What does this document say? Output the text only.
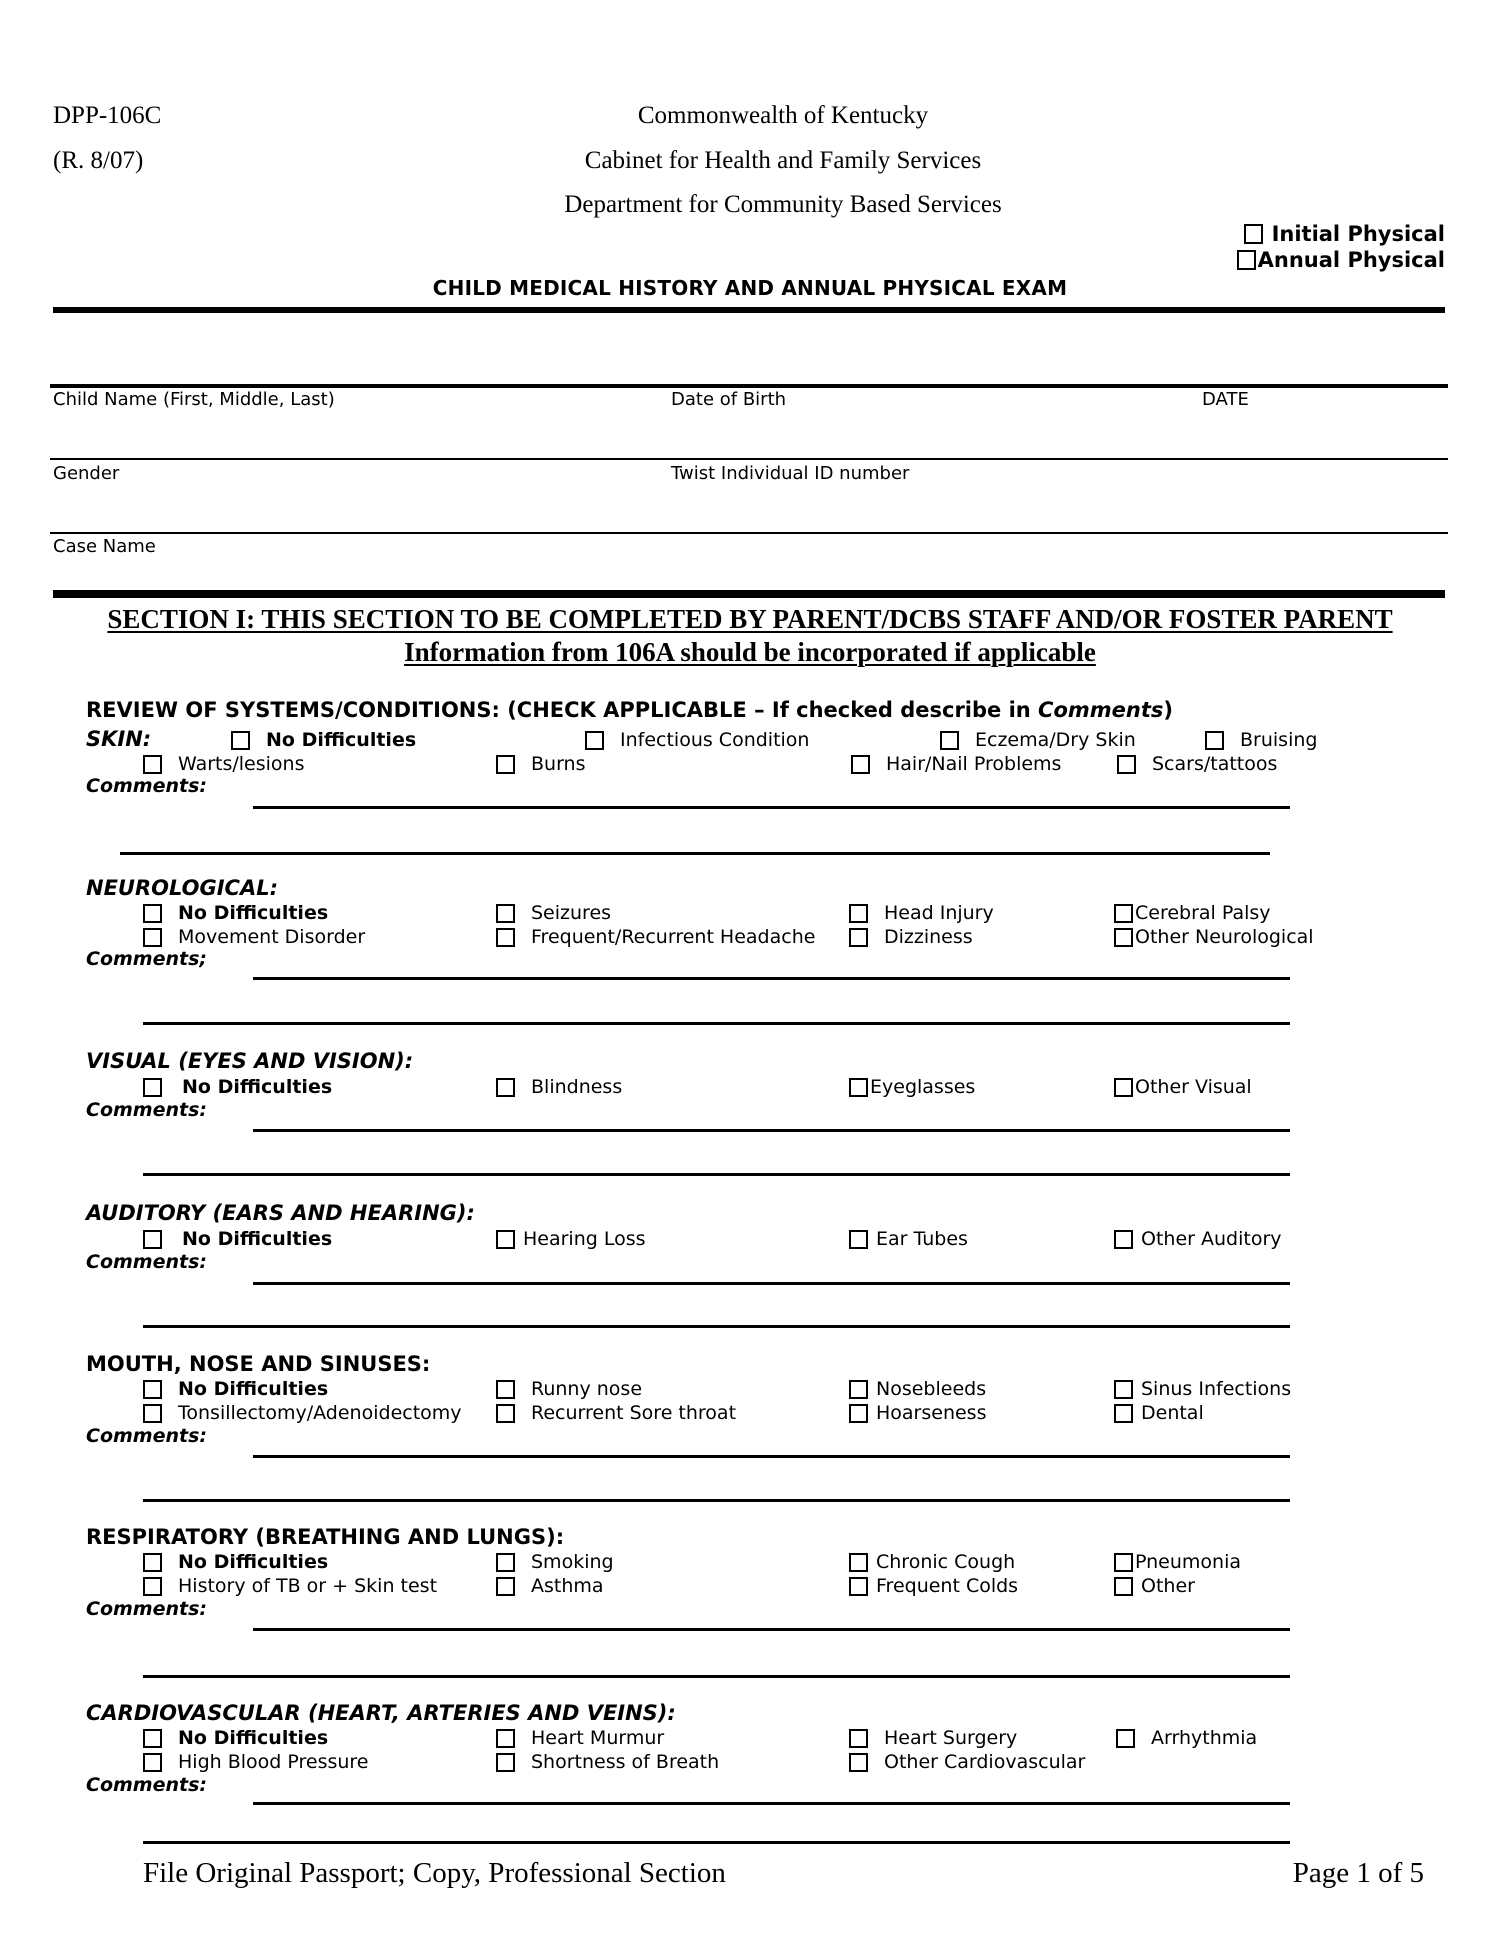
DPP-106C
(R. 8/07)
Commonwealth of Kentucky
Cabinet for Health and Family Services
Department for Community Based Services
Initial Physical
Annual Physical
CHILD MEDICAL HISTORY AND ANNUAL PHYSICAL EXAM
Child Name (First, Middle, Last)	Date of Birth	DATE
Gender	Twist Individual ID number
Case Name
SECTION I: THIS SECTION TO BE COMPLETED BY PARENT/DCBS STAFF AND/OR FOSTER PARENT
Information from 106A should be incorporated if applicable
REVIEW OF SYSTEMS/CONDITIONS: (CHECK APPLICABLE – If checked describe in Comments)
SKIN:	No Difficulties	Infectious Condition	Eczema/Dry Skin	Bruising
Warts/lesions	Burns	Hair/Nail Problems	Scars/tattoos
Comments:
NEUROLOGICAL:
No Difficulties	Seizures	Head Injury	Cerebral Palsy
Movement Disorder	Frequent/Recurrent Headache	Dizziness	Other Neurological
Comments;
VISUAL (EYES AND VISION):
No Difficulties	Blindness	Eyeglasses	Other Visual
Comments:
AUDITORY (EARS AND HEARING):
No Difficulties	Hearing Loss	Ear Tubes	Other Auditory
Comments:
MOUTH, NOSE AND SINUSES:
No Difficulties	Runny nose	Nosebleeds	Sinus Infections
Tonsillectomy/Adenoidectomy	Recurrent Sore throat	Hoarseness	Dental
Comments:
RESPIRATORY (BREATHING AND LUNGS):
No Difficulties	Smoking	Chronic Cough	Pneumonia
History of TB or + Skin test	Asthma	Frequent Colds	Other
Comments:
CARDIOVASCULAR (HEART, ARTERIES AND VEINS):
No Difficulties	Heart Murmur	Heart Surgery	Arrhythmia
High Blood Pressure	Shortness of Breath	Other Cardiovascular
Comments:
File Original Passport; Copy, Professional Section	Page 1 of 5
